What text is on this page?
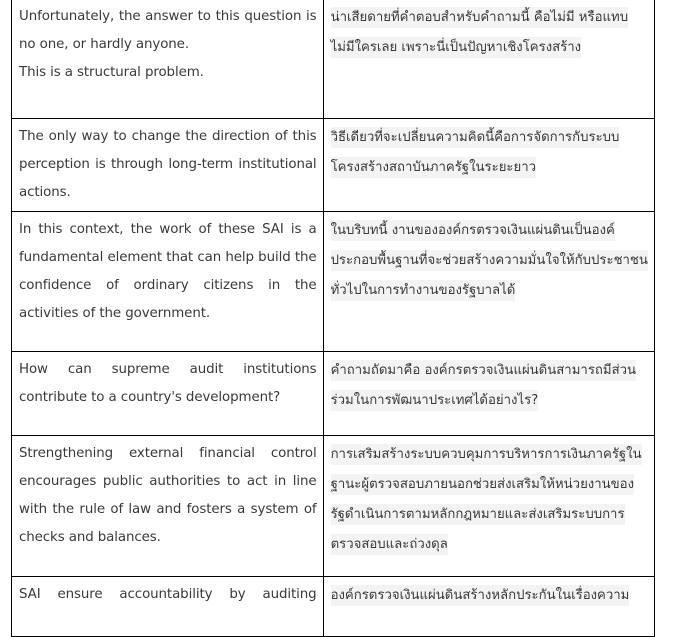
Unfortunately, the answer to this question is no one, or hardly anyone.
This is a structural problem.	น่าเสียดายที่คำตอบสำหรับคำถามนี้ คือไม่มี หรือแทบไม่มีใครเลย เพราะนี่เป็นปัญหาเชิงโครงสร้าง

The only way to change the direction of this perception is through long-term institutional actions.	วิธีเดียวที่จะเปลี่ยนความคิดนี้คือการจัดการกับระบบโครงสร้างสถาบันภาครัฐในระยะยาว

In this context, the work of these SAI is a fundamental element that can help build the confidence of ordinary citizens in the activities of the government.	ในบริบทนี้ งานขององค์กรตรวจเงินแผ่นดินเป็นองค์ประกอบพื้นฐานที่จะช่วยสร้างความมั่นใจให้กับประชาชนทั่วไปในการทำงานของรัฐบาลได้

How can supreme audit institutions contribute to a country's development?	คำถามถัดมาคือ องค์กรตรวจเงินแผ่นดินสามารถมีส่วนร่วมในการพัฒนาประเทศได้อย่างไร?

Strengthening external financial control encourages public authorities to act in line with the rule of law and fosters a system of checks and balances.	การเสริมสร้างระบบควบคุมการบริหารการเงินภาครัฐในฐานะผู้ตรวจสอบภายนอกช่วยส่งเสริมให้หน่วยงานของรัฐดำเนินการตามหลักกฎหมายและส่งเสริมระบบการตรวจสอบและถ่วงดุล

SAI ensure accountability by auditing	องค์กรตรวจเงินแผ่นดินสร้างหลักประกันในเรื่องความ
